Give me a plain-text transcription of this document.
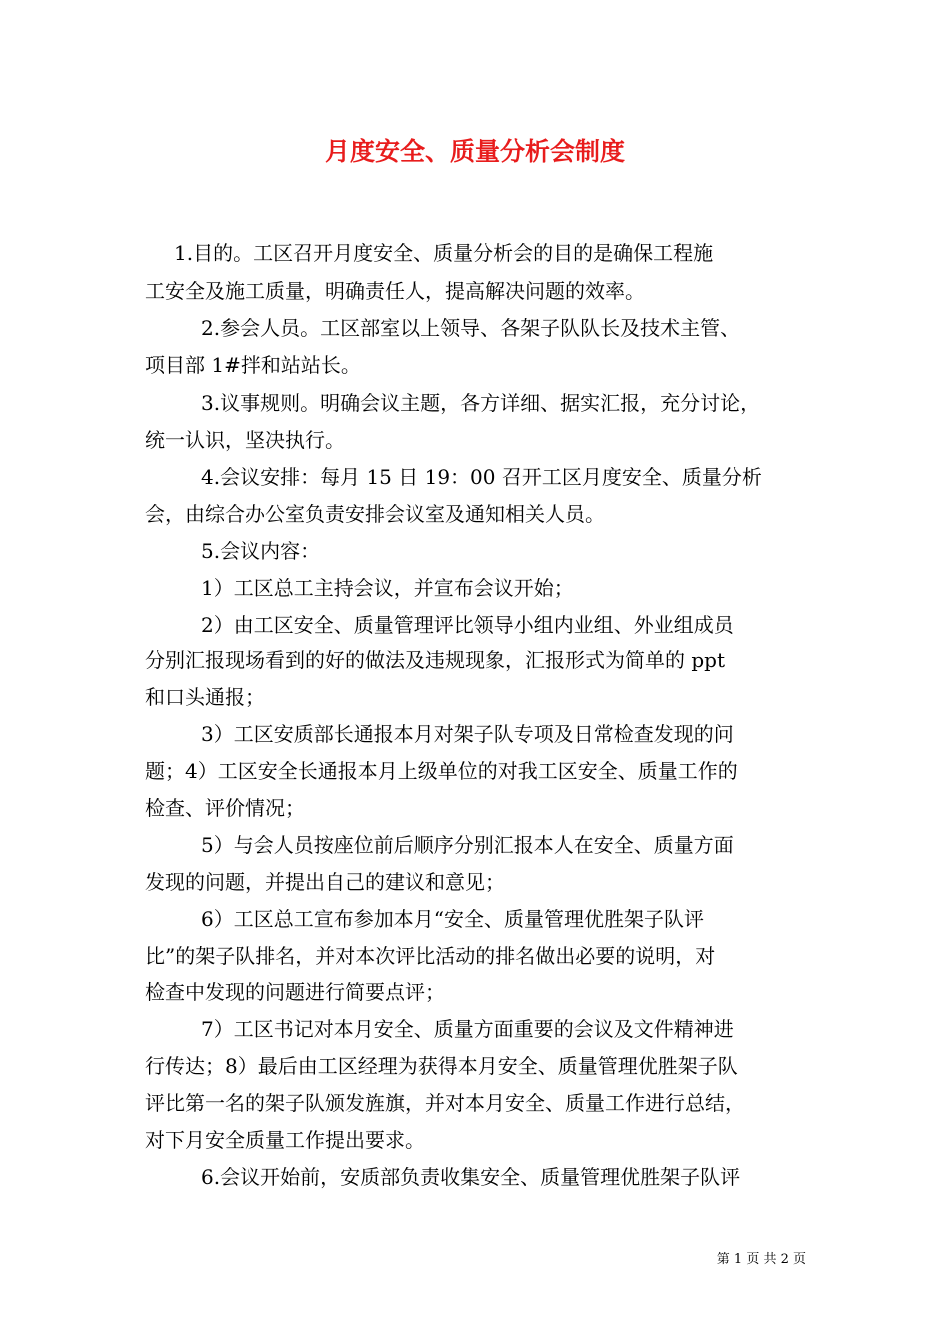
月度安全、质量分析会制度

1.目的。工区召开月度安全、质量分析会的目的是确保工程施

工安全及施工质量，明确责任人，提高解决问题的效率。

2.参会人员。工区部室以上领导、各架子队队长及技术主管、

项目部 1#拌和站站长。

3.议事规则。明确会议主题，各方详细、据实汇报，充分讨论，

统一认识，坚决执行。

4.会议安排：每月 15 日 19：00 召开工区月度安全、质量分析

会，由综合办公室负责安排会议室及通知相关人员。

5.会议内容：

1）工区总工主持会议，并宣布会议开始；

2）由工区安全、质量管理评比领导小组内业组、外业组成员

分别汇报现场看到的好的做法及违规现象，汇报形式为简单的 ppt

和口头通报；

3）工区安质部长通报本月对架子队专项及日常检查发现的问

题；4）工区安全长通报本月上级单位的对我工区安全、质量工作的

检查、评价情况；

5）与会人员按座位前后顺序分别汇报本人在安全、质量方面

发现的问题，并提出自己的建议和意见；

6）工区总工宣布参加本月“安全、质量管理优胜架子队评

比”的架子队排名，并对本次评比活动的排名做出必要的说明，对

检查中发现的问题进行简要点评；

7）工区书记对本月安全、质量方面重要的会议及文件精神进

行传达；8）最后由工区经理为获得本月安全、质量管理优胜架子队

评比第一名的架子队颁发旌旗，并对本月安全、质量工作进行总结，

对下月安全质量工作提出要求。

6.会议开始前，安质部负责收集安全、质量管理优胜架子队评

第 1 页 共 2 页
